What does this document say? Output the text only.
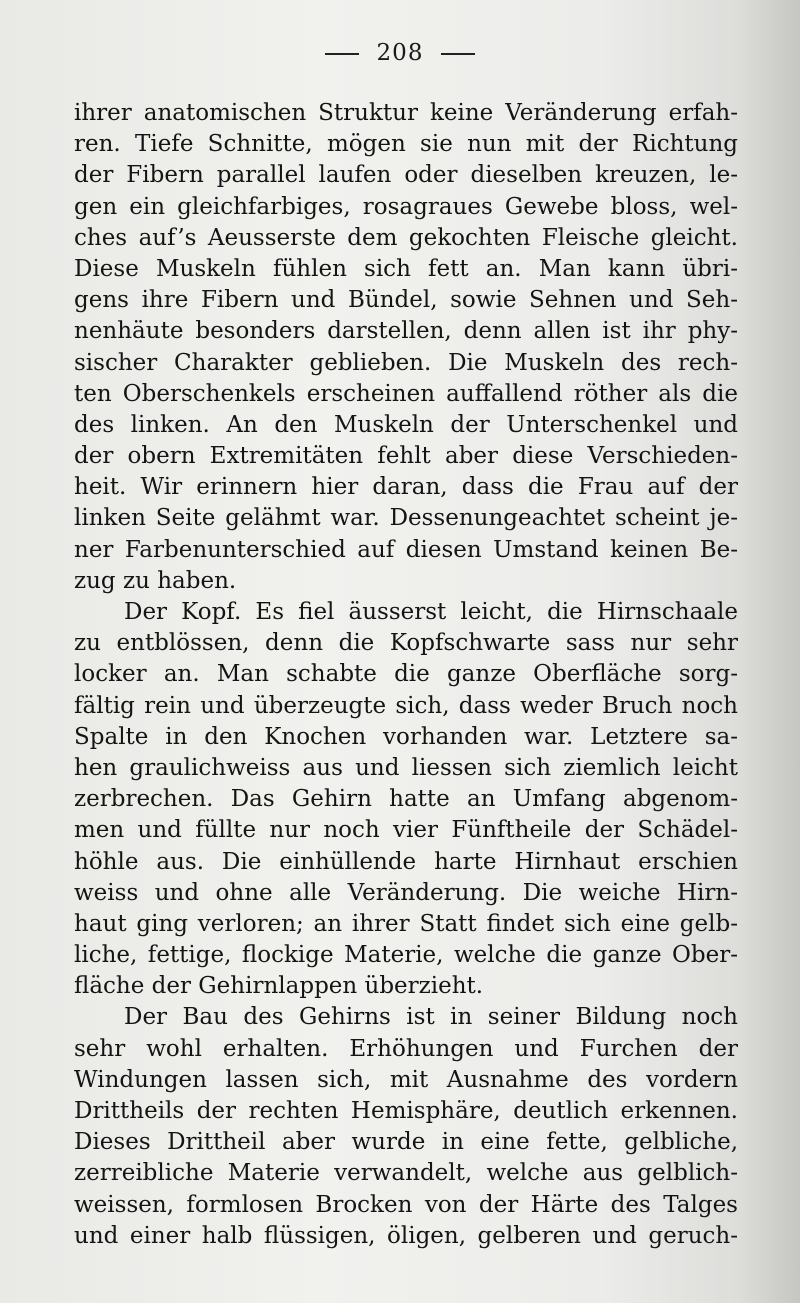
208
ihrer anatomischen Struktur keine Veränderung erfah-
ren. Tiefe Schnitte, mögen sie nun mit der Richtung
der Fibern parallel laufen oder dieselben kreuzen, le-
gen ein gleichfarbiges, rosagraues Gewebe bloss, wel-
ches auf’s Aeusserste dem gekochten Fleische gleicht.
Diese Muskeln fühlen sich fett an. Man kann übri-
gens ihre Fibern und Bündel, sowie Sehnen und Seh-
nenhäute besonders darstellen, denn allen ist ihr phy-
sischer Charakter geblieben. Die Muskeln des rech-
ten Oberschenkels erscheinen auffallend röther als die
des linken. An den Muskeln der Unterschenkel und
der obern Extremitäten fehlt aber diese Verschieden-
heit. Wir erinnern hier daran, dass die Frau auf der
linken Seite gelähmt war. Dessenungeachtet scheint je-
ner Farbenunterschied auf diesen Umstand keinen Be-
zug zu haben.
Der Kopf. Es fiel äusserst leicht, die Hirnschaale
zu entblössen, denn die Kopfschwarte sass nur sehr
locker an. Man schabte die ganze Oberfläche sorg-
fältig rein und überzeugte sich, dass weder Bruch noch
Spalte in den Knochen vorhanden war. Letztere sa-
hen graulichweiss aus und liessen sich ziemlich leicht
zerbrechen. Das Gehirn hatte an Umfang abgenom-
men und füllte nur noch vier Fünftheile der Schädel-
höhle aus. Die einhüllende harte Hirnhaut erschien
weiss und ohne alle Veränderung. Die weiche Hirn-
haut ging verloren; an ihrer Statt findet sich eine gelb-
liche, fettige, flockige Materie, welche die ganze Ober-
fläche der Gehirnlappen überzieht.
Der Bau des Gehirns ist in seiner Bildung noch
sehr wohl erhalten. Erhöhungen und Furchen der
Windungen lassen sich, mit Ausnahme des vordern
Drittheils der rechten Hemisphäre, deutlich erkennen.
Dieses Drittheil aber wurde in eine fette, gelbliche,
zerreibliche Materie verwandelt, welche aus gelblich-
weissen, formlosen Brocken von der Härte des Talges
und einer halb flüssigen, öligen, gelberen und geruch-
